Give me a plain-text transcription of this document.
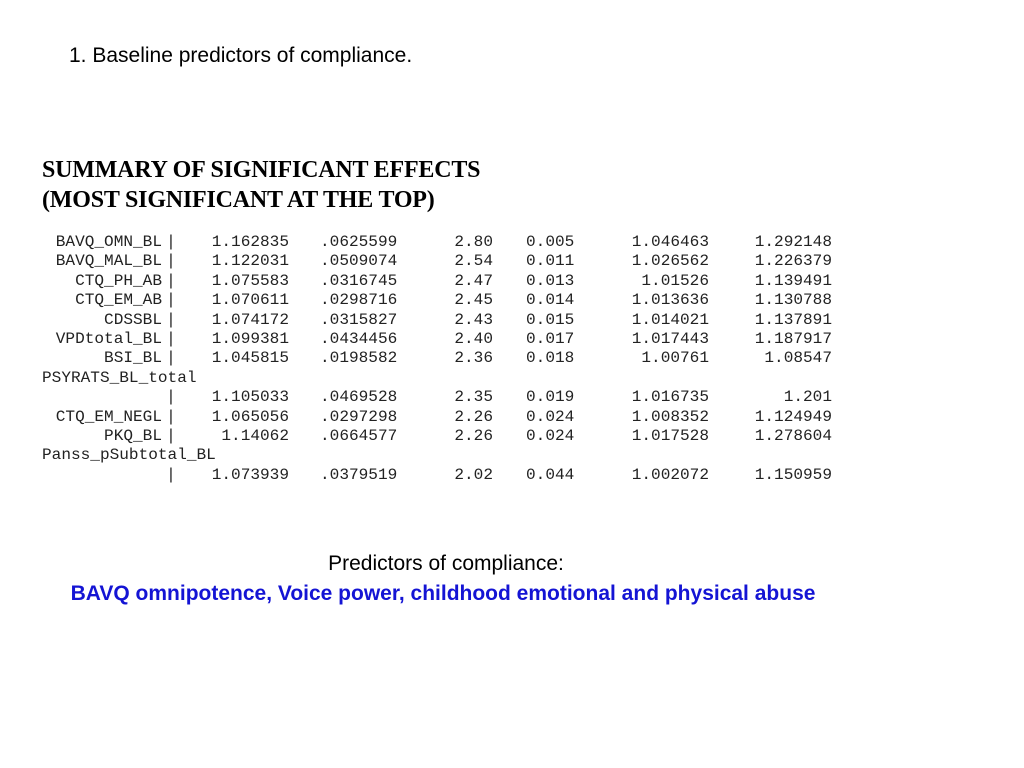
1. Baseline predictors of compliance.
SUMMARY OF SIGNIFICANT EFFECTS
(MOST SIGNIFICANT AT THE TOP)
BAVQ_OMN_BL |	1.162835 .0625599	2.80 0.005	1.046463	1.292148
BAVQ_MAL_BL |	1.122031 .0509074	2.54 0.011	1.026562	1.226379
CTQ_PH_AB |	1.075583 .0316745	2.47 0.013	1.01526	1.139491
CTQ_EM_AB |	1.070611 .0298716	2.45 0.014	1.013636	1.130788
CDSSBL |	1.074172 .0315827	2.43 0.015	1.014021	1.137891
VPDtotal_BL |	1.099381 .0434456	2.40 0.017	1.017443	1.187917
BSI_BL |	1.045815 .0198582	2.36 0.018	1.00761	1.08547
PSYRATS_BL_total
|	1.105033 .0469528	2.35 0.019	1.016735	1.201
CTQ_EM_NEGL |	1.065056 .0297298	2.26 0.024	1.008352	1.124949
PKQ_BL |	1.14062 .0664577	2.26 0.024	1.017528	1.278604
Panss_pSubtotal_BL
|	1.073939 .0379519	2.02 0.044	1.002072	1.150959
Predictors of compliance:
BAVQ omnipotence, Voice power, childhood emotional and physical abuse
